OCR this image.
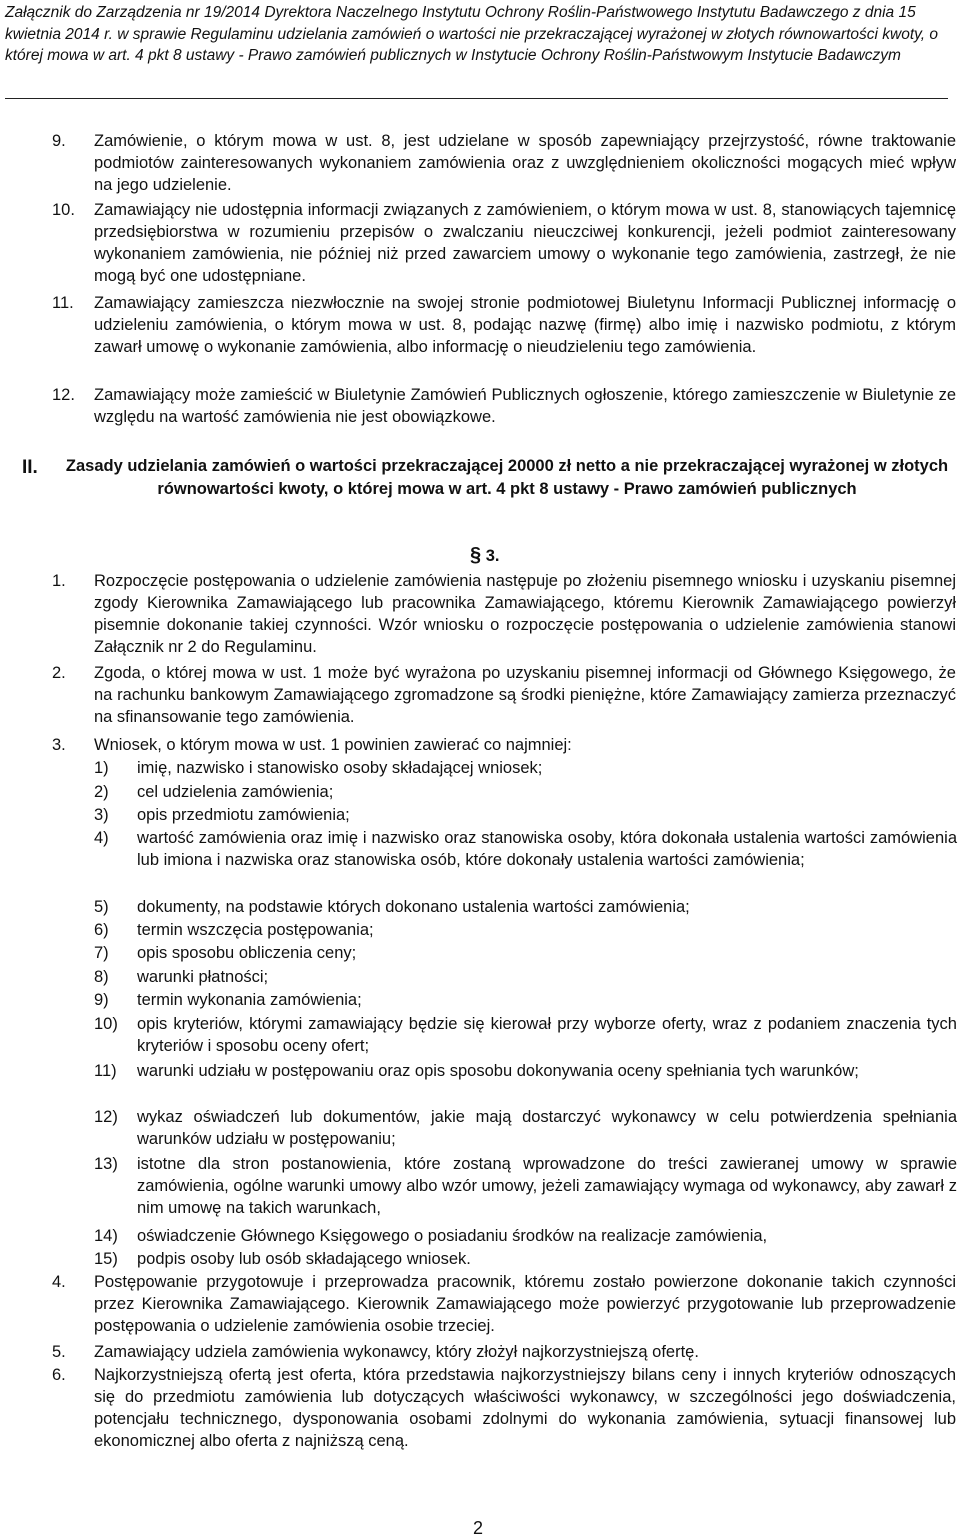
Załącznik do Zarządzenia nr 19/2014 Dyrektora Naczelnego Instytutu Ochrony Roślin-Państwowego Instytutu Badawczego z dnia 15 kwietnia 2014 r. w sprawie Regulaminu udzielania zamówień o wartości nie przekraczającej wyrażonej w złotych równowartości kwoty, o której mowa w art. 4 pkt 8 ustawy - Prawo zamówień publicznych w Instytucie Ochrony Roślin-Państwowym Instytucie Badawczym
9. Zamówienie, o którym mowa w ust. 8, jest udzielane w sposób zapewniający przejrzystość, równe traktowanie podmiotów zainteresowanych wykonaniem zamówienia oraz z uwzględnieniem okoliczności mogących mieć wpływ na jego udzielenie.
10. Zamawiający nie udostępnia informacji związanych z zamówieniem, o którym mowa w ust. 8, stanowiących tajemnicę przedsiębiorstwa w rozumieniu przepisów o zwalczaniu nieuczciwej konkurencji, jeżeli podmiot zainteresowany wykonaniem zamówienia, nie później niż przed zawarciem umowy o wykonanie tego zamówienia, zastrzegł, że nie mogą być one udostępniane.
11. Zamawiający zamieszcza niezwłocznie na swojej stronie podmiotowej Biuletynu Informacji Publicznej informację o udzieleniu zamówienia, o którym mowa w ust. 8, podając nazwę (firmę) albo imię i nazwisko podmiotu, z którym zawarł umowę o wykonanie zamówienia, albo informację o nieudzieleniu tego zamówienia.
12. Zamawiający może zamieścić w Biuletynie Zamówień Publicznych ogłoszenie, którego zamieszczenie w Biuletynie ze względu na wartość zamówienia nie jest obowiązkowe.
II. Zasady udzielania zamówień o wartości przekraczającej 20000 zł netto a nie przekraczającej wyrażonej w złotych równowartości kwoty, o której mowa w art. 4 pkt 8 ustawy - Prawo zamówień publicznych
§ 3.
1. Rozpoczęcie postępowania o udzielenie zamówienia następuje po złożeniu pisemnego wniosku i uzyskaniu pisemnej zgody Kierownika Zamawiającego lub pracownika Zamawiającego, któremu Kierownik Zamawiającego powierzył pisemnie dokonanie takiej czynności. Wzór wniosku o rozpoczęcie postępowania o udzielenie zamówienia stanowi Załącznik nr 2 do Regulaminu.
2. Zgoda, o której mowa w ust. 1 może być wyrażona po uzyskaniu pisemnej informacji od Głównego Księgowego, że na rachunku bankowym Zamawiającego zgromadzone są środki pieniężne, które Zamawiający zamierza przeznaczyć na sfinansowanie tego zamówienia.
3. Wniosek, o którym mowa w ust. 1 powinien zawierać co najmniej:
1) imię, nazwisko i stanowisko osoby składającej wniosek;
2) cel udzielenia zamówienia;
3) opis przedmiotu zamówienia;
4) wartość zamówienia oraz imię i nazwisko oraz stanowiska osoby, która dokonała ustalenia wartości zamówienia lub imiona i nazwiska oraz stanowiska osób, które dokonały ustalenia wartości zamówienia;
5) dokumenty, na podstawie których dokonano ustalenia wartości zamówienia;
6) termin wszczęcia postępowania;
7) opis sposobu obliczenia ceny;
8) warunki płatności;
9) termin wykonania zamówienia;
10) opis kryteriów, którymi zamawiający będzie się kierował przy wyborze oferty, wraz z podaniem znaczenia tych kryteriów i sposobu oceny ofert;
11) warunki udziału w postępowaniu oraz opis sposobu dokonywania oceny spełniania tych warunków;
12) wykaz oświadczeń lub dokumentów, jakie mają dostarczyć wykonawcy w celu potwierdzenia spełniania warunków udziału w postępowaniu;
13) istotne dla stron postanowienia, które zostaną wprowadzone do treści zawieranej umowy w sprawie zamówienia, ogólne warunki umowy albo wzór umowy, jeżeli zamawiający wymaga od wykonawcy, aby zawarł z nim umowę na takich warunkach,
14) oświadczenie Głównego Księgowego o posiadaniu środków na realizacje zamówienia,
15) podpis osoby lub osób składającego wniosek.
4. Postępowanie przygotowuje i przeprowadza pracownik, któremu zostało powierzone dokonanie takich czynności przez Kierownika Zamawiającego. Kierownik Zamawiającego może powierzyć przygotowanie lub przeprowadzenie postępowania o udzielenie zamówienia osobie trzeciej.
5. Zamawiający udziela zamówienia wykonawcy, który złożył najkorzystniejszą ofertę.
6. Najkorzystniejszą ofertą jest oferta, która przedstawia najkorzystniejszy bilans ceny i innych kryteriów odnoszących się do przedmiotu zamówienia lub dotyczących właściwości wykonawcy, w szczególności jego doświadczenia, potencjału technicznego, dysponowania osobami zdolnymi do wykonania zamówienia, sytuacji finansowej lub ekonomicznej albo oferta z najniższą ceną.
2
